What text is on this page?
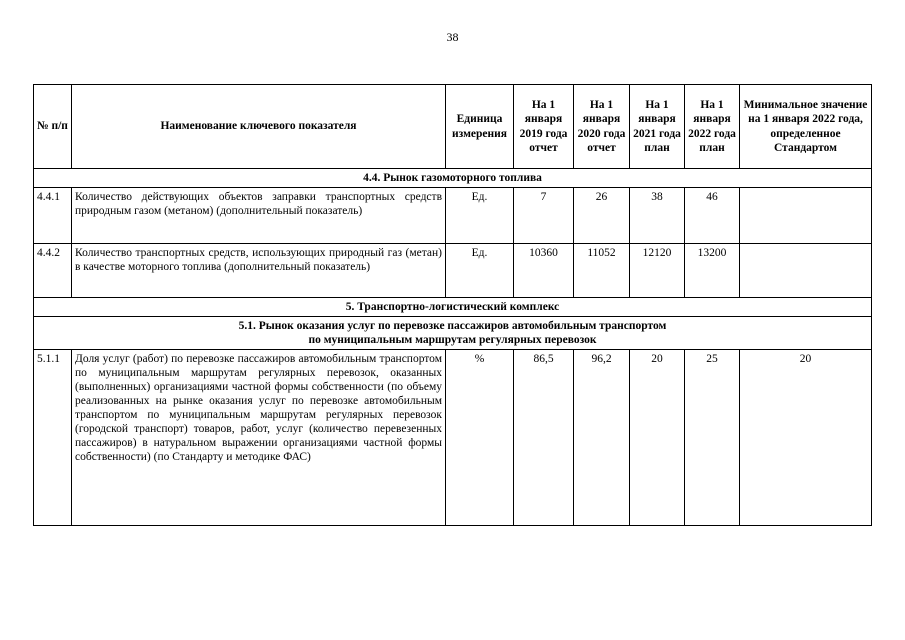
38
№ п/п	Наименование ключевого показателя	Единица измерения	На 1 января 2019 года отчет	На 1 января 2020 года отчет	На 1 января 2021 года план	На 1 января 2022 года план	Минимальное значение на 1 января 2022 года, определенное Стандартом
4.4. Рынок газомоторного топлива							
4.4.1	Количество действующих объектов заправки транспортных средств природным газом (метаном) (дополнительный показатель)	Ед.	7	26	38	46	
4.4.2	Количество транспортных средств, использующих природный газ (метан) в качестве моторного топлива (дополнительный показатель)	Ед.	10360	11052	12120	13200	
5. Транспортно-логистический комплекс							

5.1. Рынок оказания услуг по перевозке пассажиров автомобильным транспортом
по муниципальным маршрутам регулярных перевозок							

5.1.1	Доля услуг (работ) по перевозке пассажиров автомобильным транспортом по муниципальным маршрутам регулярных перевозок, оказанных (выполненных) организациями частной формы собственности (по объему реализованных на рынке оказания услуг по перевозке автомобильным транспортом по муниципальным маршрутам регулярных перевозок (городской транспорт) товаров, работ, услуг (количество перевезенных пассажиров) в натуральном выражении организациями частной формы собственности) (по Стандарту и методике ФАС)	%	86,5	96,2	20	25	20
